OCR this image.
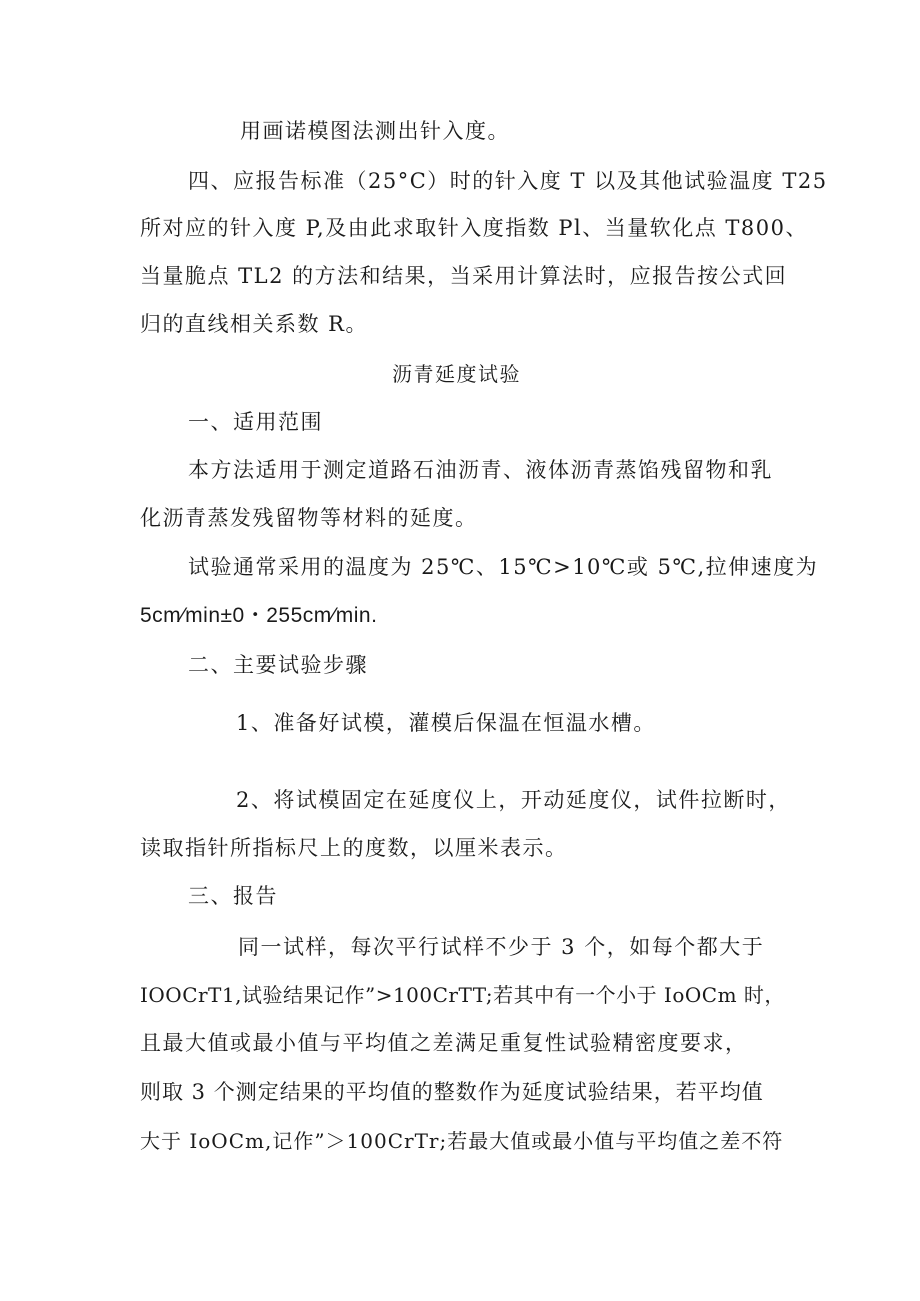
用画诺模图法测出针入度。
四、应报告标准（25°C）时的针入度 T 以及其他试验温度 T25
所对应的针入度 P,及由此求取针入度指数 Pl、当量软化点 T800、
当量脆点 TL2 的方法和结果，当采用计算法时，应报告按公式回
归的直线相关系数 R。
沥青延度试验
一、适用范围
本方法适用于测定道路石油沥青、液体沥青蒸馅残留物和乳
化沥青蒸发残留物等材料的延度。
试验通常采用的温度为 25℃、15℃>10℃或 5℃,拉伸速度为
5cm∕min±0・255cm∕min.
二、主要试验步骤
1、准备好试模，灌模后保温在恒温水槽。
2、将试模固定在延度仪上，开动延度仪，试件拉断时，
读取指针所指标尺上的度数，以厘米表示。
三、报告
同一试样，每次平行试样不少于 3 个，如每个都大于
IOOCrT1,试验结果记作”>100CrTT;若其中有一个小于 IoOCm 时，
且最大值或最小值与平均值之差满足重复性试验精密度要求，
则取 3 个测定结果的平均值的整数作为延度试验结果，若平均值
大于 IoOCm,记作”＞100CrTr;若最大值或最小值与平均值之差不符
